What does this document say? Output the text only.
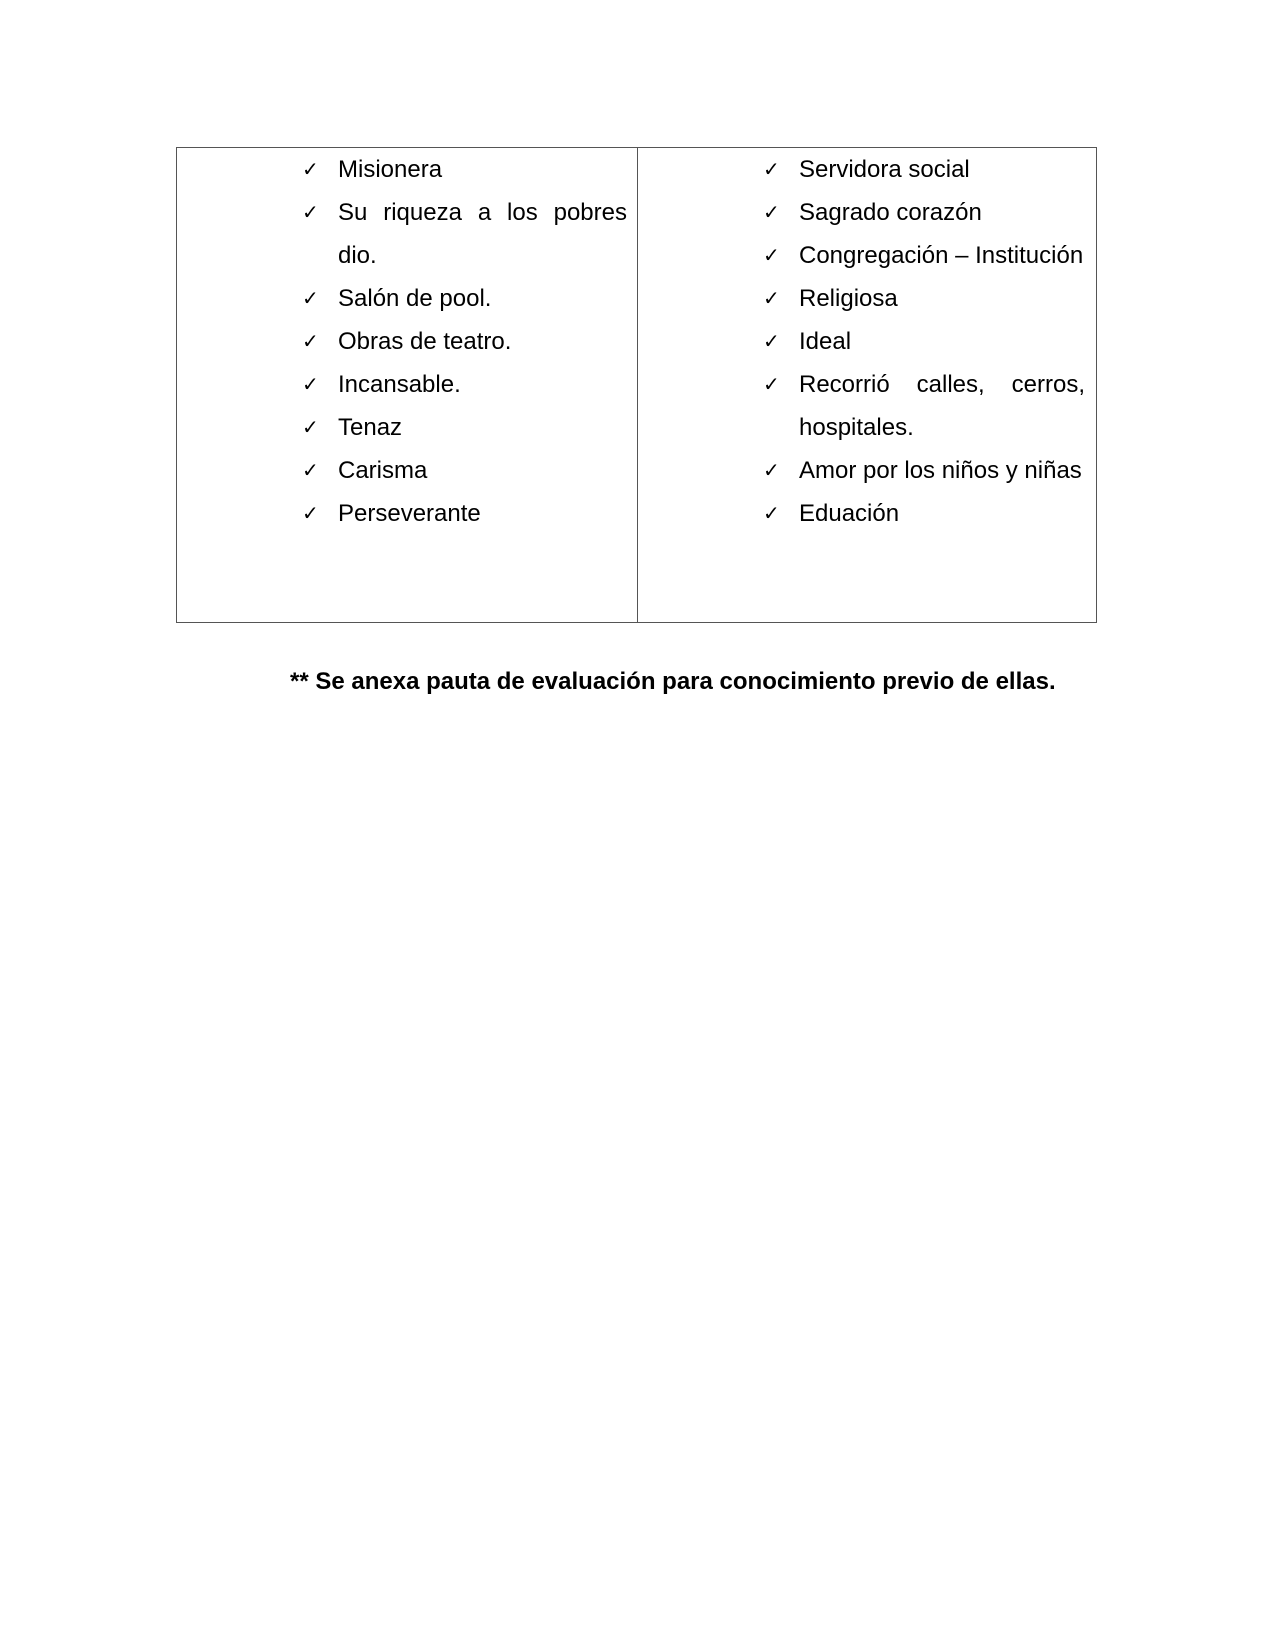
✓ Misionera
✓ Su riqueza a los pobres dio.
✓ Salón de pool.
✓ Obras de teatro.
✓ Incansable.
✓ Tenaz
✓ Carisma
✓ Perseverante
✓ Servidora social
✓ Sagrado corazón
✓ Congregación – Institución
✓ Religiosa
✓ Ideal
✓ Recorrió calles, cerros, hospitales.
✓ Amor por los niños y niñas
✓ Eduación
** Se anexa pauta de evaluación para conocimiento previo de ellas.
